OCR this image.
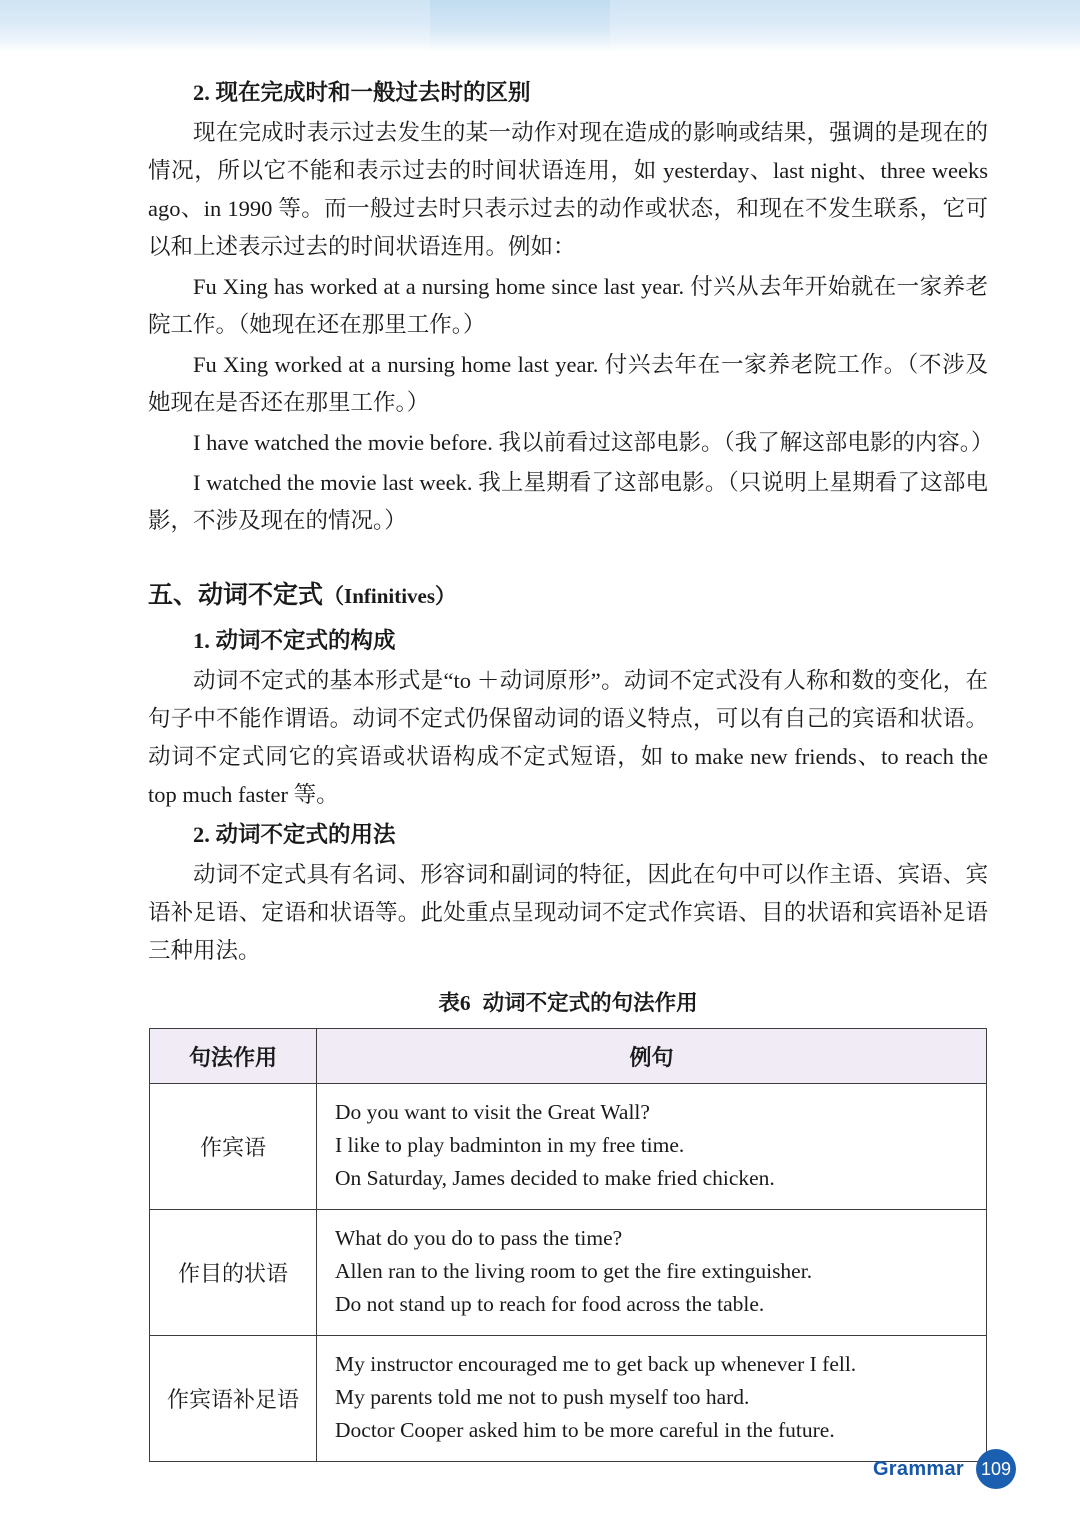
2. 现在完成时和一般过去时的区别

现在完成时表示过去发生的某一动作对现在造成的影响或结果，强调的是现在的情况，所以它不能和表示过去的时间状语连用，如 yesterday、last night、three weeks ago、in 1990 等。而一般过去时只表示过去的动作或状态，和现在不发生联系，它可以和上述表示过去的时间状语连用。例如：

Fu Xing has worked at a nursing home since last year. 付兴从去年开始就在一家养老院工作。（她现在还在那里工作。）

Fu Xing worked at a nursing home last year. 付兴去年在一家养老院工作。（不涉及她现在是否还在那里工作。）

I have watched the movie before. 我以前看过这部电影。（我了解这部电影的内容。）

I watched the movie last week. 我上星期看了这部电影。（只说明上星期看了这部电影，不涉及现在的情况。）

五、动词不定式（Infinitives）
1. 动词不定式的构成

动词不定式的基本形式是“to ＋动词原形”。动词不定式没有人称和数的变化，在句子中不能作谓语。动词不定式仍保留动词的语义特点，可以有自己的宾语和状语。动词不定式同它的宾语或状语构成不定式短语，如 to make new friends、to reach the top much faster 等。

2. 动词不定式的用法

动词不定式具有名词、形容词和副词的特征，因此在句中可以作主语、宾语、宾语补足语、定语和状语等。此处重点呈现动词不定式作宾语、目的状语和宾语补足语三种用法。

表6 动词不定式的句法作用
句法作用	例句
作宾语	Do you want to visit the Great Wall?
I like to play badminton in my free time.
On Saturday, James decided to make fried chicken.

作目的状语	What do you do to pass the time?
Allen ran to the living room to get the fire extinguisher.
Do not stand up to reach for food across the table.

作宾语补足语	My instructor encouraged me to get back up whenever I fell.
My parents told me not to push myself too hard.
Doctor Cooper asked him to be more careful in the future.
Grammar 109
